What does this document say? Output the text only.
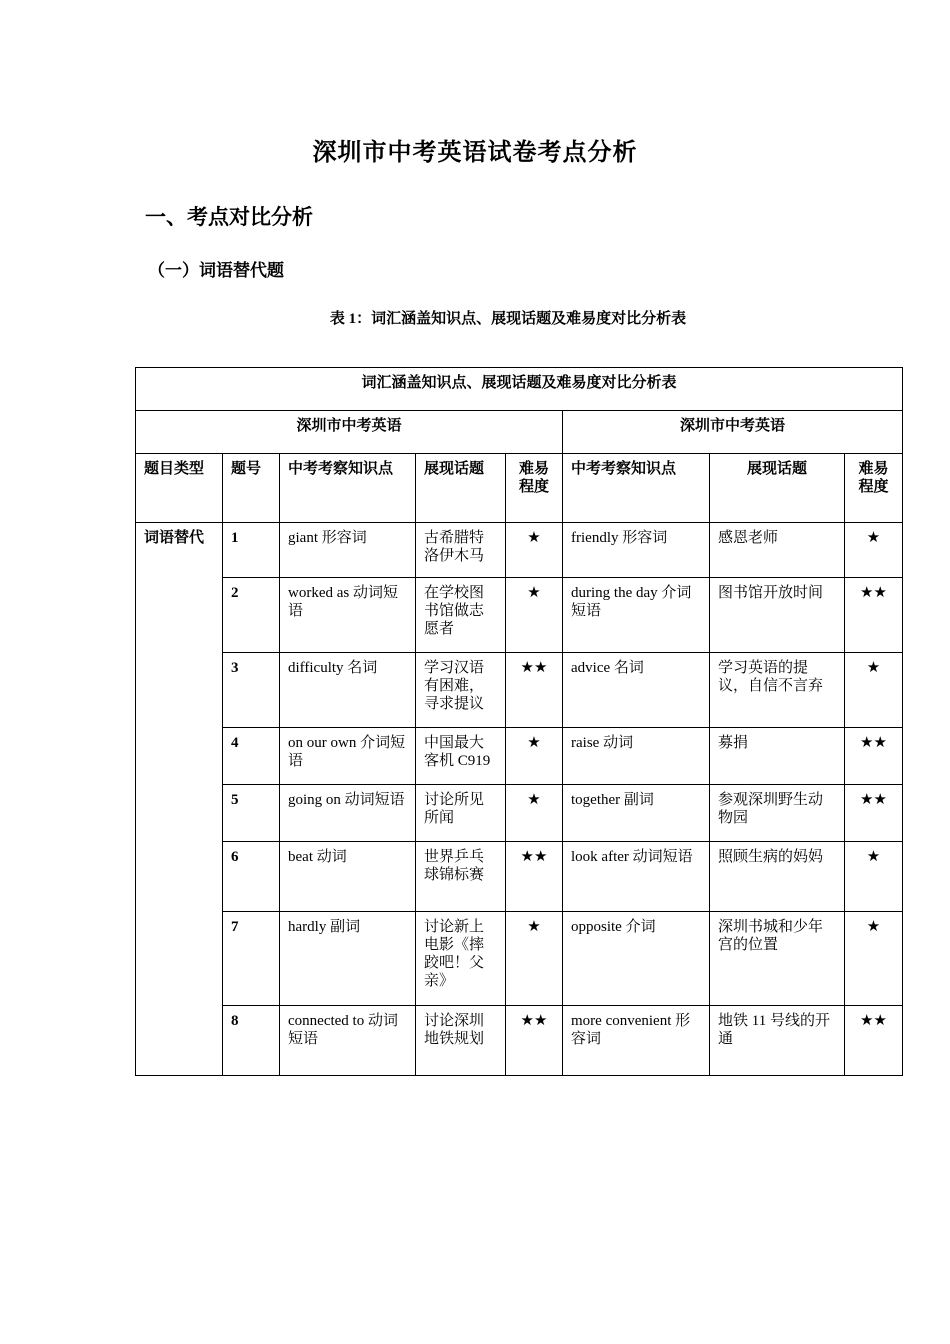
深圳市中考英语试卷考点分析
一、考点对比分析
（一）词语替代题
表 1：词汇涵盖知识点、展现话题及难易度对比分析表
词汇涵盖知识点、展现话题及难易度对比分析表							
深圳市中考英语					深圳市中考英语		
题目类型	题号	中考考察知识点	展现话题	难易程度	中考考察知识点	展现话题	难易程度
词语替代	1	giant 形容词	古希腊特洛伊木马	★	friendly 形容词	感恩老师	★
	2	worked as 动词短语	在学校图书馆做志愿者	★	during the day 介词短语	图书馆开放时间	★★
	3	difficulty 名词	学习汉语有困难，寻求提议	★★	advice 名词	学习英语的提议，自信不言弃	★
	4	on our own 介词短语	中国最大客机 C919	★	raise 动词	募捐	★★
	5	going on 动词短语	讨论所见所闻	★	together 副词	参观深圳野生动物园	★★
	6	beat 动词	世界乒乓球锦标赛	★★	look after 动词短语	照顾生病的妈妈	★
	7	hardly 副词	讨论新上电影《摔跤吧！父亲》	★	opposite 介词	深圳书城和少年宫的位置	★
	8	connected to 动词短语	讨论深圳地铁规划	★★	more convenient 形容词	地铁 11 号线的开通	★★
